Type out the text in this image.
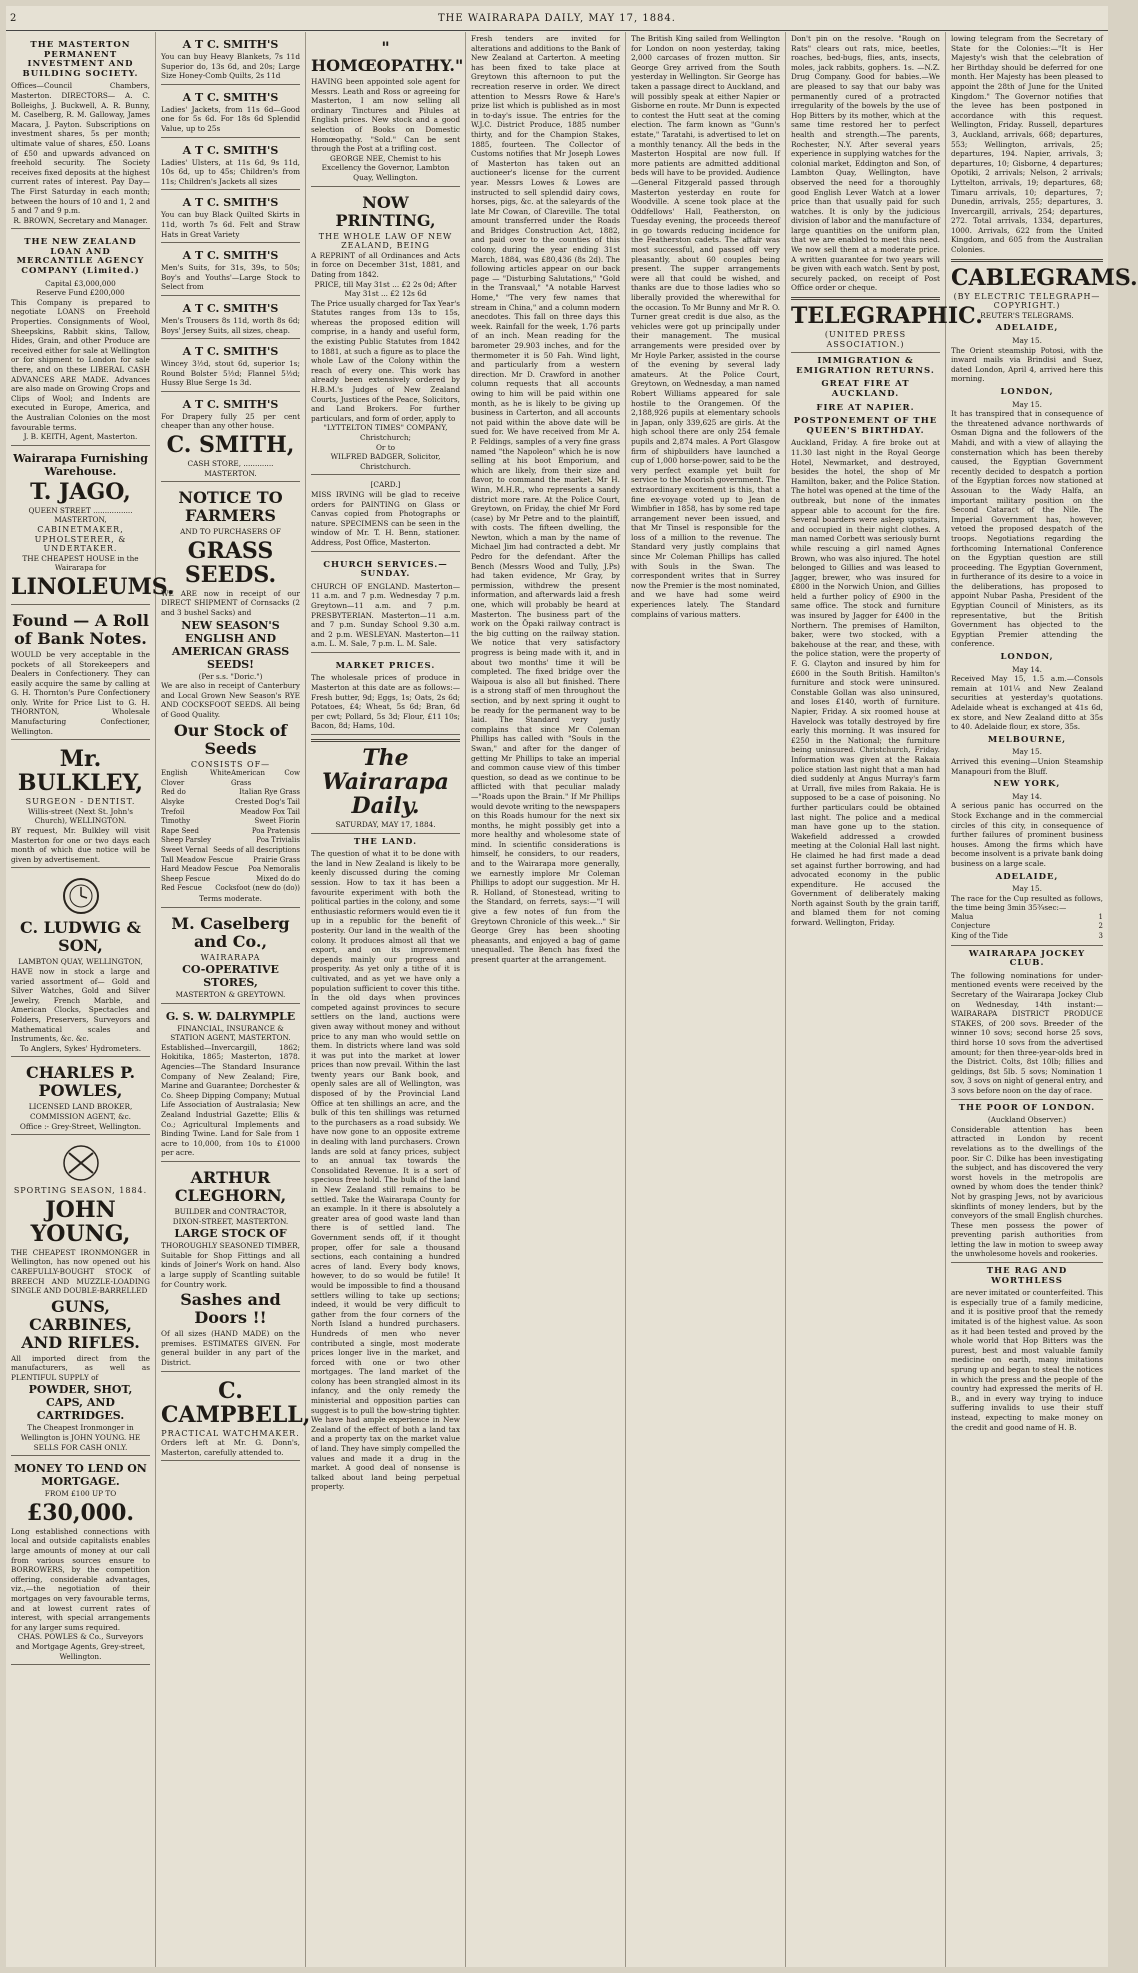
2	THE WAIRARAPA DAILY, MAY 17, 1884.
THE MASTERTON PERMANENT INVESTMENT AND BUILDING SOCIETY.
Offices—Council Chambers, Masterton. DIRECTORS— A. C. Bolleighs, J. Buckwell, A. R. Bunny, M. Caselberg, R. M. Galloway, James Macara, J. Payton. Subscriptions on investment shares, 5s per month; ultimate value of shares, £50. Loans of £50 and upwards advanced on freehold security. The Society receives fixed deposits at the highest current rates of interest. Pay Day—The First Saturday in each month; between the hours of 10 and 1, 2 and 5 and 7 and 9 p.m.
R. BROWN, Secretary and Manager.
THE NEW ZEALAND LOAN AND MERCANTILE AGENCY COMPANY (Limited.)
Capital £3,000,000
Reserve Fund £200,000
This Company is prepared to negotiate LOANS on Freehold Properties. Consignments of Wool, Sheepskins, Rabbit skins, Tallow, Hides, Grain, and other Produce are received either for sale at Wellington or for shipment to London for sale there, and on these LIBERAL CASH ADVANCES ARE MADE. Advances are also made on Growing Crops and Clips of Wool; and Indents are executed in Europe, America, and the Australian Colonies on the most favourable terms.
J. B. KEITH, Agent, Masterton.
Wairarapa Furnishing Warehouse.
T. JAGO,
QUEEN STREET ................. MASTERTON,
CABINETMAKER, UPHOLSTERER, & UNDERTAKER.
THE CHEAPEST HOUSE in the Wairarapa for
LINOLEUMS.
Found — A Roll of Bank Notes.
WOULD be very acceptable in the pockets of all Storekeepers and Dealers in Confectionery. They can easily acquire the same by calling at G. H. Thornton's Pure Confectionery only. Write for Price List to G. H. THORNTON, Wholesale Manufacturing Confectioner, Wellington.
Mr. BULKLEY,
SURGEON - DENTIST.
Willis-street (Next St. John's Church), WELLINGTON.
BY request, Mr. Bulkley will visit Masterton for one or two days each month of which due notice will be given by advertisement.
C. LUDWIG & SON,
LAMBTON QUAY, WELLINGTON,
HAVE now in stock a large and varied assortment of— Gold and Silver Watches, Gold and Silver Jewelry, French Marble, and American Clocks, Spectacles and Folders, Preservers, Surveyors and Mathematical scales and Instruments, &c. &c.
To Anglers, Sykes' Hydrometers.
CHARLES P. POWLES,
LICENSED LAND BROKER, COMMISSION AGENT, &c.
Office :- Grey-Street, Wellington.
SPORTING SEASON, 1884.
JOHN YOUNG,
THE CHEAPEST IRONMONGER in Wellington, has now opened out his CAREFULLY-BOUGHT STOCK of BREECH AND MUZZLE-LOADING SINGLE AND DOUBLE-BARRELLED
GUNS, CARBINES, AND RIFLES.
All imported direct from the manufacturers, as well as PLENTIFUL SUPPLY of
POWDER, SHOT, CAPS, AND CARTRIDGES.
The Cheapest Ironmonger in Wellington is JOHN YOUNG. HE SELLS FOR CASH ONLY.
MONEY TO LEND ON MORTGAGE.
FROM £100 UP TO
£30,000.
Long established connections with local and outside capitalists enables large amounts of money at our call from various sources ensure to BORROWERS, by the competition offering, considerable advantages, viz.,—the negotiation of their mortgages on very favourable terms, and at lowest current rates of interest, with special arrangements for any larger sums required.
CHAS. POWLES & Co., Surveyors and Mortgage Agents, Grey-street, Wellington.
A T C. SMITH'S
You can buy Heavy Blankets, 7s 11d Superior do, 13s 6d, and 20s; Large Size Honey-Comb Quilts, 2s 11d
A T C. SMITH'S
Ladies' Jackets, from 11s 6d—Good one for 5s 6d. For 18s 6d Splendid Value, up to 25s
A T C. SMITH'S
Ladies' Ulsters, at 11s 6d, 9s 11d, 10s 6d, up to 45s; Children's from 11s; Children's Jackets all sizes
A T C. SMITH'S
You can buy Black Quilted Skirts in 11d, worth 7s 6d. Felt and Straw Hats in Great Variety
A T C. SMITH'S
Men's Suits, for 31s, 39s, to 50s; Boy's and Youths'—Large Stock to Select from
A T C. SMITH'S
Men's Trousers 8s 11d, worth 8s 6d; Boys' Jersey Suits, all sizes, cheap.
A T C. SMITH'S
Wincey 3½d, stout 6d, superior 1s; Round Bolster 5½d; Flannel 5½d; Hussy Blue Serge 1s 3d.
A T C. SMITH'S
For Drapery fully 25 per cent cheaper than any other house.
C. SMITH,
CASH STORE, ............. MASTERTON.
NOTICE TO FARMERS
AND TO PURCHASERS OF
GRASS SEEDS.
WE ARE now in receipt of our DIRECT SHIPMENT of Cornsacks (2 and 3 bushel Sacks) and
NEW SEASON'S ENGLISH AND AMERICAN GRASS SEEDS!
(Per s.s. "Doric.")
We are also in receipt of Canterbury and Local Grown New Season's RYE AND COCKSFOOT SEEDS. All being of Good Quality.
Our Stock of Seeds
CONSISTS OF—
English White Clover
American Cow Grass
Red do	Italian Rye Grass
Alsyke	Crested Dog's Tail
Trefoil	Meadow Fox Tail
Timothy	Sweet Fiorin
Rape Seed	Poa Pratensis
Sheep Parsley	Poa Trivialis
Sweet Vernal Seeds of all descriptions
Tall Meadow Fescue	Prairie Grass
Hard Meadow Fescue Poa Nemoralis
Sheep Fescue	Mixed do do
Red Fescue Cocksfoot (new do (do))
Terms moderate.
M. Caselberg and Co.,
WAIRARAPA
CO-OPERATIVE STORES,
MASTERTON & GREYTOWN.
G. S. W. DALRYMPLE
FINANCIAL, INSURANCE & STATION AGENT, MASTERTON.
Established—Invercargill, 1862; Hokitika, 1865; Masterton, 1878. Agencies—The Standard Insurance Company of New Zealand; Fire, Marine and Guarantee; Dorchester & Co. Sheep Dipping Company; Mutual Life Association of Australasia; New Zealand Industrial Gazette; Ellis & Co.; Agricultural Implements and Binding Twine. Land for Sale from 1 acre to 10,000, from 10s to £1000 per acre.
ARTHUR CLEGHORN,
BUILDER and CONTRACTOR, DIXON-STREET, MASTERTON.
LARGE STOCK OF
THOROUGHLY SEASONED TIMBER, Suitable for Shop Fittings and all kinds of Joiner's Work on hand. Also a large supply of Scantling suitable for Country work.
Sashes and Doors !!
Of all sizes (HAND MADE) on the premises. ESTIMATES GIVEN. For general builder in any part of the District.
C. CAMPBELL,
PRACTICAL WATCHMAKER.
Orders left at Mr. G. Donn's, Masterton, carefully attended to.
" HOMŒOPATHY."
HAVING been appointed sole agent for Messrs. Leath and Ross or agreeing for Masterton, I am now selling all ordinary Tinctures and Pilules at English prices. New stock and a good selection of Books on Domestic Homœopathy. "Sold." Can be sent through the Post at a trifling cost.
GEORGE NEE, Chemist to his Excellency the Governor, Lambton Quay, Wellington.
NOW PRINTING,
THE WHOLE LAW OF NEW ZEALAND, BEING
A REPRINT of all Ordinances and Acts in force on December 31st, 1881, and Dating from 1842.
PRICE, till May 31st ... £2 2s 0d; After May 31st ... £2 12s 6d
The Price usually charged for Tax Year's Statutes ranges from 13s to 15s, whereas the proposed edition will comprise, in a handy and useful form, the existing Public Statutes from 1842 to 1881, at such a figure as to place the whole Law of the Colony within the reach of every one. This work has already been extensively ordered by H.B.M.'s Judges of New Zealand Courts, Justices of the Peace, Solicitors, and Land Brokers. For further particulars, and form of order, apply to
"LYTTELTON TIMES" COMPANY, Christchurch;
Or to
WILFRED BADGER, Solicitor, Christchurch.
[CARD.]
MISS IRVING will be glad to receive orders for PAINTING on Glass or Canvas copied from Photographs or nature. SPECIMENS can be seen in the window of Mr. T. H. Benn, stationer. Address, Post Office, Masterton.
CHURCH SERVICES.—SUNDAY.
CHURCH OF ENGLAND. Masterton—11 a.m. and 7 p.m. Wednesday 7 p.m. Greytown—11 a.m. and 7 p.m. PRESBYTERIAN. Masterton—11 a.m. and 7 p.m. Sunday School 9.30 a.m. and 2 p.m. WESLEYAN. Masterton—11 a.m. L. M. Sale, 7 p.m. L. M. Sale.
MARKET PRICES.
The wholesale prices of produce in Masterton at this date are as follows:—Fresh butter, 9d; Eggs, 1s; Oats, 2s 6d; Potatoes, £4; Wheat, 5s 6d; Bran, 6d per cwt; Pollard, 5s 3d; Flour, £11 10s; Bacon, 8d; Hams, 10d.
The Wairarapa Daily.
SATURDAY, MAY 17, 1884.
THE LAND.
The question of what it to be done with the land in New Zealand is likely to be keenly discussed during the coming session. How to tax it has been a favourite experiment with both the political parties in the colony, and some enthusiastic reformers would even tie it up in a republic for the benefit of posterity. Our land in the wealth of the colony. It produces almost all that we export, and on its improvement depends mainly our progress and prosperity. As yet only a tithe of it is cultivated, and as yet we have only a population sufficient to cover this tithe. In the old days when provinces competed against provinces to secure settlers on the land, auctions were given away without money and without price to any man who would settle on them. In districts where land was sold it was put into the market at lower prices than now prevail. Within the last twenty years our Bank book, and openly sales are all of Wellington, was disposed of by the Provincial Land Office at ten shillings an acre, and the bulk of this ten shillings was returned to the purchasers as a road subsidy. We have now gone to an opposite extreme in dealing with land purchasers. Crown lands are sold at fancy prices, subject to an annual tax towards the Consolidated Revenue. It is a sort of specious free hold. The bulk of the land in New Zealand still remains to be settled. Take the Wairarapa County for an example. In it there is absolutely a greater area of good waste land than there is of settled land. The Government sends off, if it thought proper, offer for sale a thousand sections, each containing a hundred acres of land. Every body knows, however, to do so would be futile! It would be impossible to find a thousand settlers willing to take up sections; indeed, it would be very difficult to gather from the four corners of the North Island a hundred purchasers. Hundreds of men who never contributed a single, most moderate prices longer live in the market, and forced with one or two other mortgages. The land market of the colony has been strangled almost in its infancy, and the only remedy the ministerial and opposition parties can suggest is to pull the bow-string tighter. We have had ample experience in New Zealand of the effect of both a land tax and a property tax on the market value of land. They have simply compelled the values and made it a drug in the market. A good deal of nonsense is talked about land being perpetual property.
Fresh tenders are invited for alterations and additions to the Bank of New Zealand at Carterton. A meeting has been fixed to take place at Greytown this afternoon to put the recreation reserve in order. We direct attention to Messrs Rowe & Hare's prize list which is published as in most in to-day's issue. The entries for the W.J.C. District Produce, 1885 number thirty, and for the Champion Stakes, 1885, fourteen. The Collector of Customs notifies that Mr Joseph Lowes of Masterton has taken out an auctioneer's license for the current year. Messrs Lowes & Lowes are instructed to sell splendid dairy cows, horses, pigs, &c. at the saleyards of the late Mr Cowan, of Clareville. The total amount transferred under the Roads and Bridges Construction Act, 1882, and paid over to the counties of this colony, during the year ending 31st March, 1884, was £80,436 (8s 2d). The following articles appear on our back page — "Disturbing Salutations," "Gold in the Transvaal," "A notable Harvest Home," "The very few names that stream in China," and a column modern anecdotes. This fall on three days this week. Rainfall for the week, 1.76 parts of an inch. Mean reading for the barometer 29.903 inches, and for the thermometer it is 50 Fah. Wind light, and particularly from a western direction. Mr D. Crawford in another column requests that all accounts owing to him will be paid within one month, as he is likely to be giving up business in Carterton, and all accounts not paid within the above date will be sued for. We have received from Mr A. P. Feldings, samples of a very fine grass named "the Napoleon" which he is now selling at his boot Emporium, and which are likely, from their size and flavor, to command the market. Mr H. Winn, M.H.R., who represents a sandy district more rare. At the Police Court, Greytown, on Friday, the chief Mr Ford (case) by Mr Petre and to the plaintiff, with costs. The fifteen dwelling, the Newton, which a man by the name of Michael Jim had contracted a debt. Mr Pedro for the defendant. After the Bench (Messrs Wood and Tully, J.Ps) had taken evidence, Mr Gray, by permission, withdrew the present information, and afterwards laid a fresh one, which will probably be heard at Masterton. The business part of the work on the Ōpaki railway contract is the big cutting on the railway station. We notice that very satisfactory progress is being made with it, and in about two months' time it will be completed. The fixed bridge over the Waipoua is also all but finished. There is a strong staff of men throughout the section, and by next spring it ought to be ready for the permanent way to be laid. The Standard very justly complains that since Mr Coleman Phillips has called with "Souls in the Swan," and after for the danger of getting Mr Phillips to take an imperial and common cause view of this timber question, so dead as we continue to be afflicted with that peculiar malady—"Roads upon the Brain." If Mr Phillips would devote writing to the newspapers on this Roads humour for the next six months, he might possibly get into a more healthy and wholesome state of mind. In scientific considerations is himself, he considers, to our readers, and to the Wairarapa more generally, we earnestly implore Mr Coleman Phillips to adopt our suggestion. Mr H. R. Holland, of Stonestead, writing to the Standard, on ferrets, says:—"I will give a few notes of fun from the Greytown Chronicle of this week..." Sir George Grey has been shooting pheasants, and enjoyed a bag of game unequalled. The Bench has fixed the present quarter at the arrangement.
The British King sailed from Wellington for London on noon yesterday, taking 2,000 carcases of frozen mutton. Sir George Grey arrived from the South yesterday in Wellington. Sir George has taken a passage direct to Auckland, and will possibly speak at either Napier or Gisborne en route. Mr Dunn is expected to contest the Hutt seat at the coming election. The farm known as "Gunn's estate," Taratahi, is advertised to let on a monthly tenancy. All the beds in the Masterton Hospital are now full. If more patients are admitted additional beds will have to be provided. Audience—General Fitzgerald passed through Masterton yesterday en route for Woodville. A scene took place at the Oddfellows' Hall, Featherston, on Tuesday evening, the proceeds thereof in go towards reducing incidence for the Featherston cadets. The affair was most successful, and passed off very pleasantly, about 60 couples being present. The supper arrangements were all that could be wished, and thanks are due to those ladies who so liberally provided the wherewithal for the occasion. To Mr Bunny and Mr R. O. Turner great credit is due also, as the vehicles were got up principally under their management. The musical arrangements were presided over by Mr Hoyle Parker, assisted in the course of the evening by several lady amateurs. At the Police Court, Greytown, on Wednesday, a man named Robert Williams appeared for sale hostile to the Orangemen. Of the 2,188,926 pupils at elementary schools in Japan, only 339,625 are girls. At the high school there are only 254 female pupils and 2,874 males. A Port Glasgow firm of shipbuilders have launched a cup of 1,000 horse-power, said to be the very perfect example yet built for service to the Moorish government. The extraordinary excitement is this, that a fine ex-voyage voted up to Jean de Wimbfier in 1858, has by some red tape arrangement never been issued, and that Mr Tinsel is responsible for the loss of a million to the revenue. The Standard very justly complains that since Mr Coleman Phillips has called with Souls in the Swan. The correspondent writes that in Surrey now the Premier is the most nominated, and we have had some weird experiences lately. The Standard complains of various matters.
Don't pin on the resolve. "Rough on Rats" clears out rats, mice, beetles, roaches, bed-bugs, flies, ants, insects, moles, jack rabbits, gophers. 1s. —N.Z. Drug Company. Good for babies.—We are pleased to say that our baby was permanently cured of a protracted irregularity of the bowels by the use of Hop Bitters by its mother, which at the same time restored her to perfect health and strength.—The parents, Rochester, N.Y. After several years experience in supplying watches for the colonial market, Eddington and Son, of Lambton Quay, Wellington, have observed the need for a thoroughly good English Lever Watch at a lower price than that usually paid for such watches. It is only by the judicious division of labor and the manufacture of large quantities on the uniform plan, that we are enabled to meet this need. We now sell them at a moderate price. A written guarantee for two years will be given with each watch. Sent by post, securely packed, on receipt of Post Office order or cheque.
TELEGRAPHIC.
(UNITED PRESS ASSOCIATION.)
IMMIGRATION & EMIGRATION RETURNS.
GREAT FIRE AT AUCKLAND.
FIRE AT NAPIER.
POSTPONEMENT OF THE QUEEN'S BIRTHDAY.
Auckland, Friday. A fire broke out at 11.30 last night in the Royal George Hotel, Newmarket, and destroyed, besides the hotel, the shop of Mr Hamilton, baker, and the Police Station. The hotel was opened at the time of the outbreak, but none of the inmates appear able to account for the fire. Several boarders were asleep upstairs, and occupied in their night clothes. A man named Corbett was seriously burnt while rescuing a girl named Agnes Brown, who was also injured. The hotel belonged to Gillies and was leased to Jagger, brewer, who was insured for £800 in the Norwich Union, and Gillies held a further policy of £900 in the same office. The stock and furniture was insured by Jagger for £400 in the Northern. The premises of Hamilton, baker, were two stocked, with a bakehouse at the rear, and these, with the police station, were the property of F. G. Clayton and insured by him for £600 in the South British. Hamilton's furniture and stock were uninsured. Constable Gollan was also uninsured, and loses £140, worth of furniture. Napier, Friday. A six roomed house at Havelock was totally destroyed by fire early this morning. It was insured for £250 in the National; the furniture being uninsured. Christchurch, Friday. Information was given at the Rakaia police station last night that a man had died suddenly at Angus Murray's farm at Urrall, five miles from Rakaia. He is supposed to be a case of poisoning. No further particulars could be obtained last night. The police and a medical man have gone up to the station. Wakefield addressed a crowded meeting at the Colonial Hall last night. He claimed he had first made a dead set against further borrowing, and had advocated economy in the public expenditure. He accused the Government of deliberately making North against South by the grain tariff, and blamed them for not coming forward. Wellington, Friday.
lowing telegram from the Secretary of State for the Colonies:—"It is Her Majesty's wish that the celebration of her Birthday should be deferred for one month. Her Majesty has been pleased to appoint the 28th of June for the United Kingdom." The Governor notifies that the levee has been postponed in accordance with this request. Wellington, Friday. Russell, departures 3, Auckland, arrivals, 668; departures, 553; Wellington, arrivals, 25; departures, 194. Napier, arrivals, 3; departures, 10; Gisborne, 4 departures; Opotiki, 2 arrivals; Nelson, 2 arrivals; Lyttelton, arrivals, 19; departures, 68; Timaru arrivals, 10; departures, 7; Dunedin, arrivals, 255; departures, 3. Invercargill, arrivals, 254; departures, 272. Total arrivals, 1334, departures, 1000. Arrivals, 622 from the United Kingdom, and 605 from the Australian Colonies.
CABLEGRAMS.
(BY ELECTRIC TELEGRAPH—COPYRIGHT.)
REUTER'S TELEGRAMS.
ADELAIDE,
May 15.
The Orient steamship Potosi, with the inward mails via Brindisi and Suez, dated London, April 4, arrived here this morning.
LONDON,
May 15.
It has transpired that in consequence of the threatened advance northwards of Osman Digna and the followers of the Mahdi, and with a view of allaying the consternation which has been thereby caused, the Egyptian Government recently decided to despatch a portion of the Egyptian forces now stationed at Assouan to the Wady Halfa, an important military position on the Second Cataract of the Nile. The Imperial Government has, however, vetoed the proposed despatch of the troops. Negotiations regarding the forthcoming International Conference on the Egyptian question are still proceeding. The Egyptian Government, in furtherance of its desire to a voice in the deliberations, has proposed to appoint Nubar Pasha, President of the Egyptian Council of Ministers, as its representative, but the British Government has objected to the Egyptian Premier attending the conference.
LONDON,
May 14.
Received May 15, 1.5 a.m.—Consols remain at 101¼ and New Zealand securities at yesterday's quotations. Adelaide wheat is exchanged at 41s 6d, ex store, and New Zealand ditto at 35s to 40. Adelaide flour, ex store, 35s.
MELBOURNE,
May 15.
Arrived this evening—Union Steamship Manapouri from the Bluff.
NEW YORK,
May 14.
A serious panic has occurred on the Stock Exchange and in the commercial circles of this city, in consequence of further failures of prominent business houses. Among the firms which have become insolvent is a private bank doing business on a large scale.
ADELAIDE,
May 15.
The race for the Cup resulted as follows, the time being 3min 35¾sec:—
Malua	1
Conjecture	2
King of the Tide	3
WAIRARAPA JOCKEY CLUB.
The following nominations for under-mentioned events were received by the Secretary of the Wairarapa Jockey Club on Wednesday, 14th instant:— WAIRARAPA DISTRICT PRODUCE STAKES, of 200 sovs. Breeder of the winner 10 sovs; second horse 25 sovs, third horse 10 sovs from the advertised amount; for then three-year-olds bred in the District. Colts, 8st 10lb; fillies and geldings, 8st 5lb. 5 sovs; Nomination 1 sov, 3 sovs on night of general entry, and 3 sovs before noon on the day of race.
THE POOR OF LONDON.
(Auckland Observer.)
Considerable attention has been attracted in London by recent revelations as to the dwellings of the poor. Sir C. Dilke has been investigating the subject, and has discovered the very worst hovels in the metropolis are owned by whom does the tender think? Not by grasping Jews, not by avaricious skinflints of money lenders, but by the conveyors of the small English churches. These men possess the power of preventing parish authorities from letting the law in motion to sweep away the unwholesome hovels and rookeries.
THE RAG AND WORTHLESS
are never imitated or counterfeited. This is especially true of a family medicine, and it is positive proof that the remedy imitated is of the highest value. As soon as it had been tested and proved by the whole world that Hop Bitters was the purest, best and most valuable family medicine on earth, many imitations sprung up and began to steal the notices in which the press and the people of the country had expressed the merits of H. B., and in every way trying to induce suffering invalids to use their stuff instead, expecting to make money on the credit and good name of H. B.
